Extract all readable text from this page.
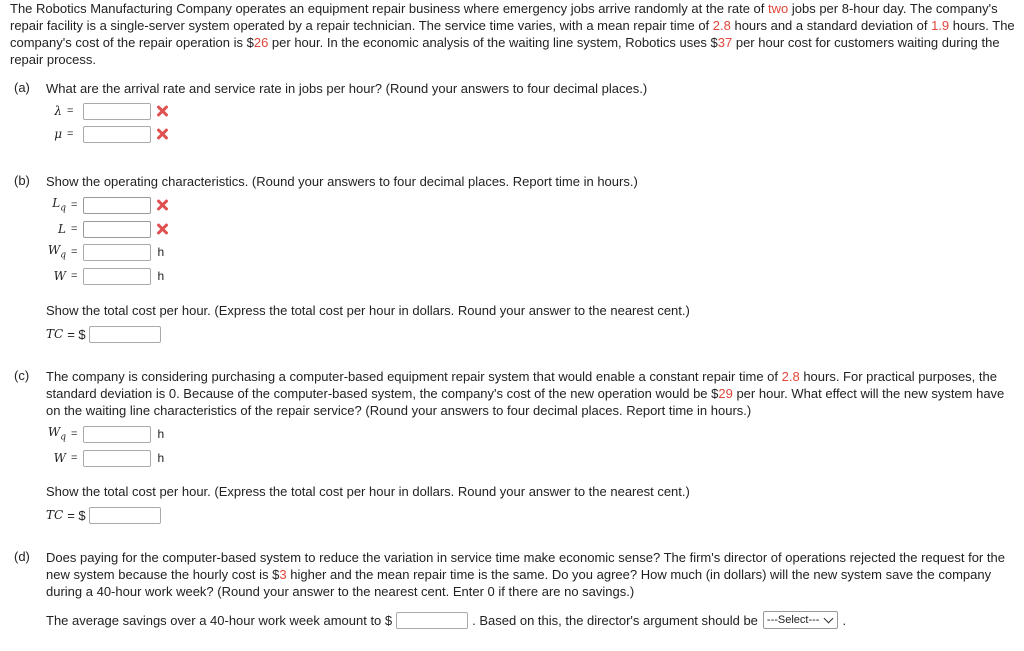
The Robotics Manufacturing Company operates an equipment repair business where emergency jobs arrive randomly at the rate of two jobs per 8-hour day. The company's repair facility is a single-server system operated by a repair technician. The service time varies, with a mean repair time of 2.8 hours and a standard deviation of 1.9 hours. The company's cost of the repair operation is $26 per hour. In the economic analysis of the waiting line system, Robotics uses $37 per hour cost for customers waiting during the repair process.
(a) What are the arrival rate and service rate in jobs per hour? (Round your answers to four decimal places.)
λ =
μ =
(b) Show the operating characteristics. (Round your answers to four decimal places. Report time in hours.)
$L_q$ =
L =
$W_q$ =	h
W =	h
Show the total cost per hour. (Express the total cost per hour in dollars. Round your answer to the nearest cent.)
TC = $
(c) The company is considering purchasing a computer-based equipment repair system that would enable a constant repair time of 2.8 hours. For practical purposes, the standard deviation is 0. Because of the computer-based system, the company's cost of the new operation would be $29 per hour. What effect will the new system have on the waiting line characteristics of the repair service? (Round your answers to four decimal places. Report time in hours.)
$W_q$ =	h
W =	h
Show the total cost per hour. (Express the total cost per hour in dollars. Round your answer to the nearest cent.)
TC = $
(d) Does paying for the computer-based system to reduce the variation in service time make economic sense? The firm's director of operations rejected the request for the new system because the hourly cost is $3 higher and the mean repair time is the same. Do you agree? How much (in dollars) will the new system save the company during a 40-hour work week? (Round your answer to the nearest cent. Enter 0 if there are no savings.)
The average savings over a 40-hour work week amount to $	. Based on this, the director's argument should be ---Select--- .
